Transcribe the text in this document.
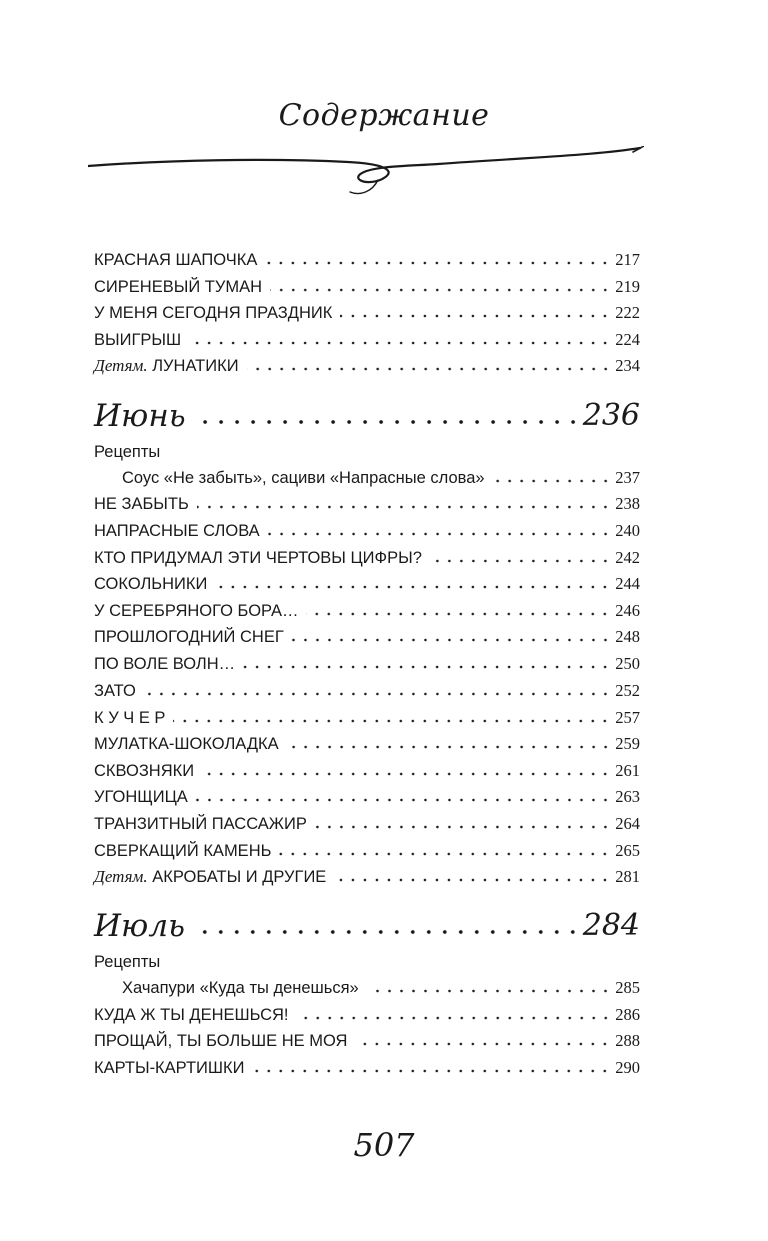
Содержание
КРАСНАЯ ШАПОЧКА	217
СИРЕНЕВЫЙ ТУМАН	219
У МЕНЯ СЕГОДНЯ ПРАЗДНИК	222
ВЫИГРЫШ	224
Детям. ЛУНАТИКИ	234
Июнь	236
Рецепты
Соус «Не забыть», сациви «Напрасные слова»	237
НЕ ЗАБЫТЬ	238
НАПРАСНЫЕ СЛОВА	240
КТО ПРИДУМАЛ ЭТИ ЧЕРТОВЫ ЦИФРЫ?	242
СОКОЛЬНИКИ	244
У СЕРЕБРЯНОГО БОРА…	246
ПРОШЛОГОДНИЙ СНЕГ	248
ПО ВОЛЕ ВОЛН…	250
ЗАТО	252
К У Ч Е Р	257
МУЛАТКА-ШОКОЛАДКА	259
СКВОЗНЯКИ	261
УГОНЩИЦА	263
ТРАНЗИТНЫЙ ПАССАЖИР	264
СВЕРКАЩИЙ КАМЕНЬ	265
Детям. АКРОБАТЫ И ДРУГИЕ	281
Июль	284
Рецепты
Хачапури «Куда ты денешься»	285
КУДА Ж ТЫ ДЕНЕШЬСЯ!	286
ПРОЩАЙ, ТЫ БОЛЬШЕ НЕ МОЯ	288
КАРТЫ-КАРТИШКИ	290
507
